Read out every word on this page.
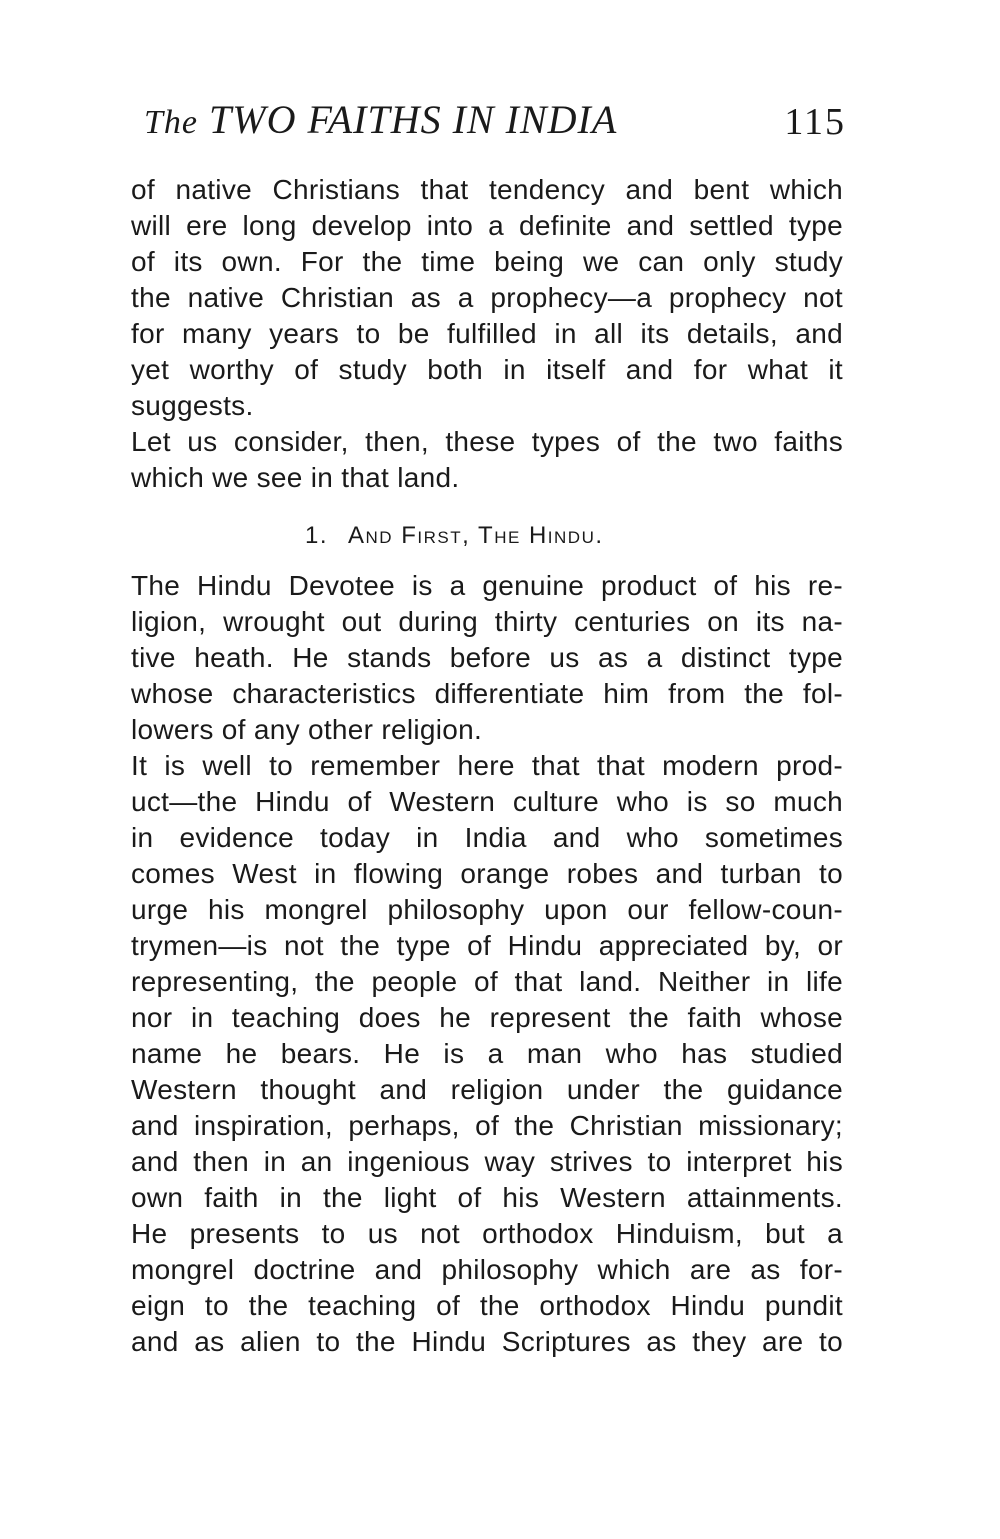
The TWO FAITHS IN INDIA	115
of native Christians that tendency and bent which
will ere long develop into a definite and settled type
of its own. For the time being we can only study
the native Christian as a prophecy—a prophecy not
for many years to be fulfilled in all its details, and
yet worthy of study both in itself and for what it
suggests.
Let us consider, then, these types of the two faiths
which we see in that land.
1. And First, The Hindu.
The Hindu Devotee is a genuine product of his re-
ligion, wrought out during thirty centuries on its na-
tive heath. He stands before us as a distinct type
whose characteristics differentiate him from the fol-
lowers of any other religion.
It is well to remember here that that modern prod-
uct—the Hindu of Western culture who is so much
in evidence today in India and who sometimes
comes West in flowing orange robes and turban to
urge his mongrel philosophy upon our fellow-coun-
trymen—is not the type of Hindu appreciated by, or
representing, the people of that land. Neither in life
nor in teaching does he represent the faith whose
name he bears. He is a man who has studied
Western thought and religion under the guidance
and inspiration, perhaps, of the Christian missionary;
and then in an ingenious way strives to interpret his
own faith in the light of his Western attainments.
He presents to us not orthodox Hinduism, but a
mongrel doctrine and philosophy which are as for-
eign to the teaching of the orthodox Hindu pundit
and as alien to the Hindu Scriptures as they are to
